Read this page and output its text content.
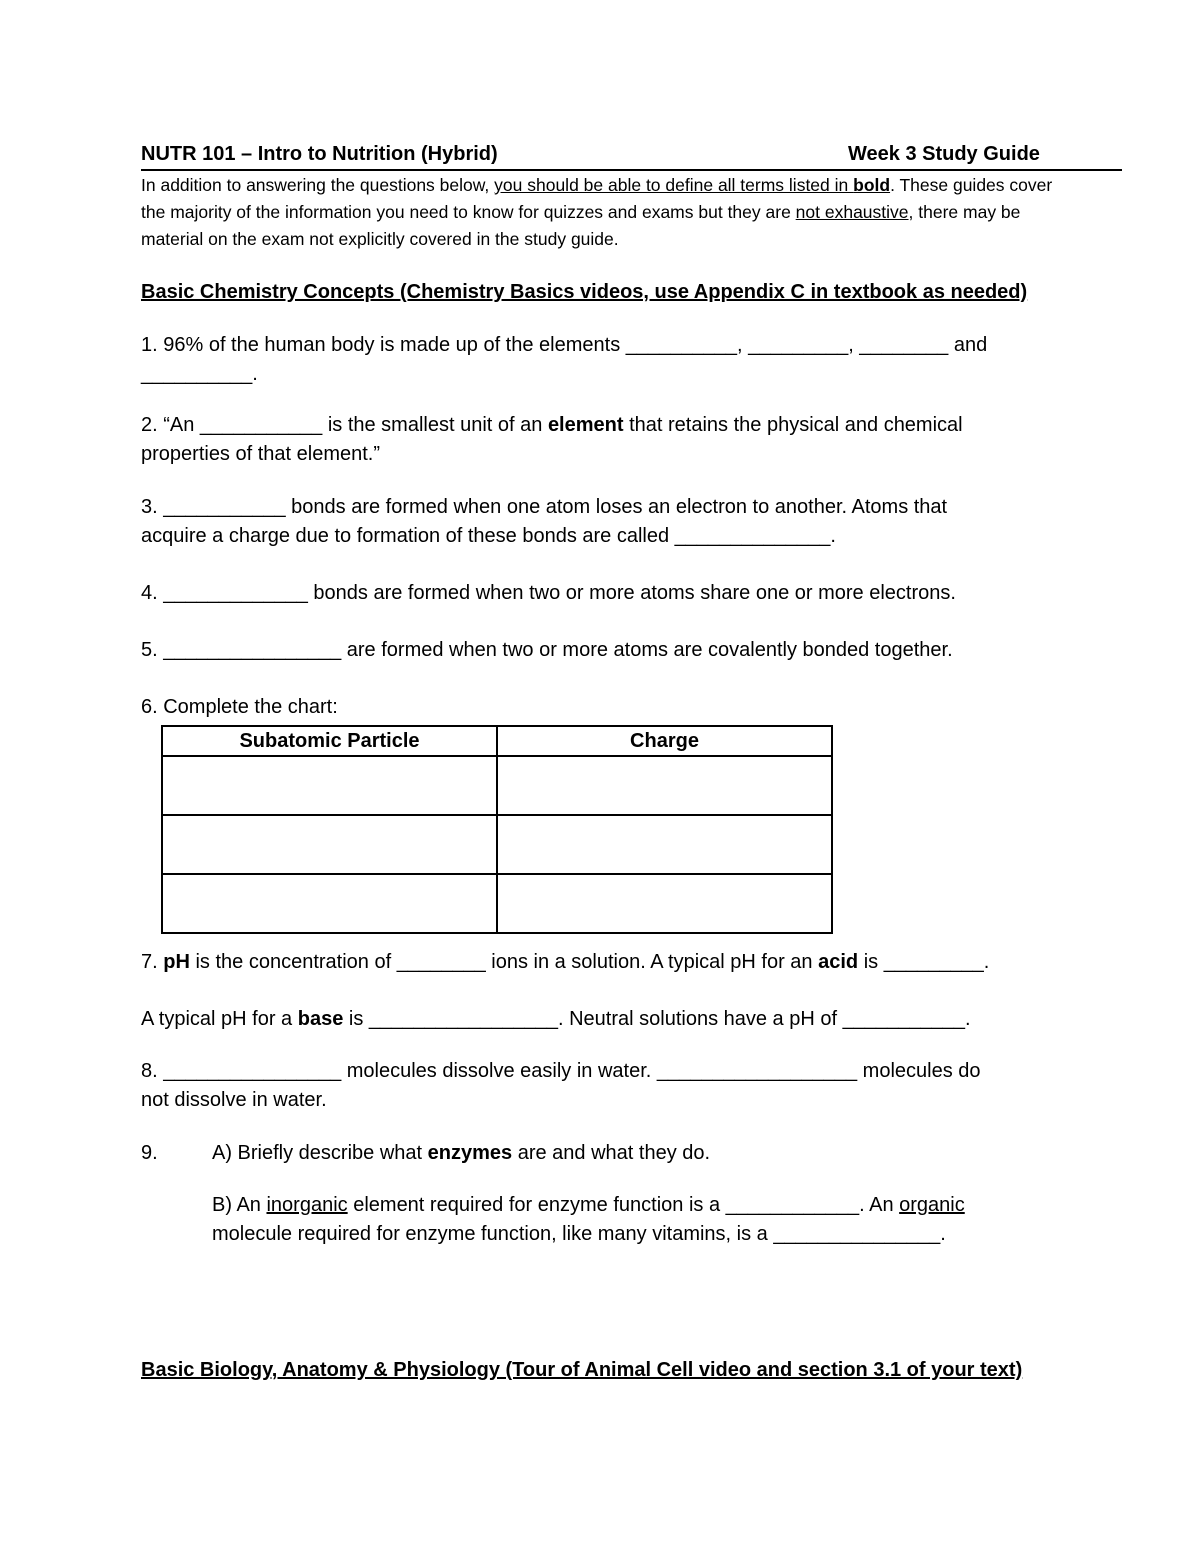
NUTR 101 – Intro to Nutrition (Hybrid)	Week 3 Study Guide
In addition to answering the questions below, you should be able to define all terms listed in bold. These guides cover the majority of the information you need to know for quizzes and exams but they are not exhaustive, there may be material on the exam not explicitly covered in the study guide.
Basic Chemistry Concepts (Chemistry Basics videos, use Appendix C in textbook as needed)
1. 96% of the human body is made up of the elements __________, _________, ________ and
__________.
2. “An ___________ is the smallest unit of an element that retains the physical and chemical
properties of that element.”
3. ___________ bonds are formed when one atom loses an electron to another. Atoms that
acquire a charge due to formation of these bonds are called ______________.
4. _____________ bonds are formed when two or more atoms share one or more electrons.
5. ________________ are formed when two or more atoms are covalently bonded together.
6. Complete the chart:
Subatomic Particle	Charge

7. pH is the concentration of ________ ions in a solution. A typical pH for an acid is _________.
A typical pH for a base is _________________. Neutral solutions have a pH of ___________.
8. ________________ molecules dissolve easily in water. __________________ molecules do
not dissolve in water.
9.	A) Briefly describe what enzymes are and what they do.
B) An inorganic element required for enzyme function is a ____________. An organic
molecule required for enzyme function, like many vitamins, is a _______________.
Basic Biology, Anatomy & Physiology (Tour of Animal Cell video and section 3.1 of your text)
